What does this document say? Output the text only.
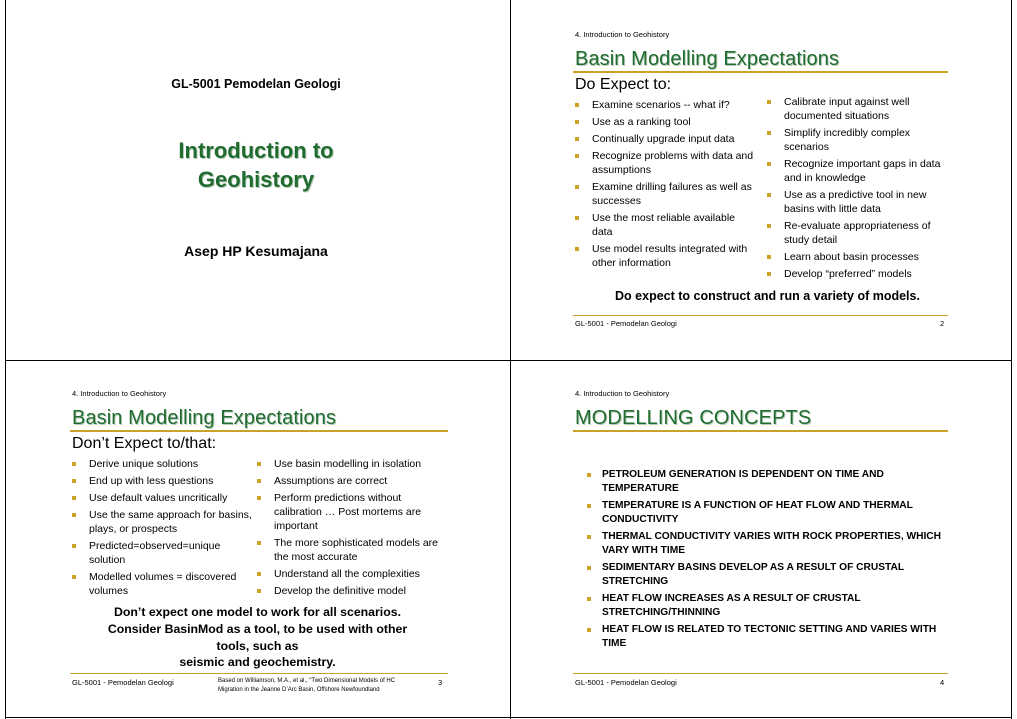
GL-5001 Pemodelan Geologi
Introduction to
Geohistory
Asep HP Kesumajana
4. Introduction to Geohistory
Basin Modelling Expectations
Do Expect to:
Examine scenarios -- what if?
Use as a ranking tool
Continually upgrade input data
Recognize problems with data and assumptions
Examine drilling failures as well as successes
Use the most reliable available data
Use model results integrated with other information
Calibrate input against well documented situations
Simplify incredibly complex scenarios
Recognize important gaps in data and in knowledge
Use as a predictive tool in new basins with little data
Re-evaluate appropriateness of study detail
Learn about basin processes
Develop “preferred” models
Do expect to construct and run a variety of models.
GL-5001 - Pemodelan Geologi	2
4. Introduction to Geohistory
Basin Modelling Expectations
Don’t Expect to/that:
Derive unique solutions
End up with less questions
Use default values uncritically
Use the same approach for basins, plays, or prospects
Predicted=observed=unique solution
Modelled volumes = discovered volumes
Use basin modelling in isolation
Assumptions are correct
Perform predictions without calibration … Post mortems are important
The more sophisticated models are the most accurate
Understand all the complexities
Develop the definitive model
Don’t expect one model to work for all scenarios.
Consider BasinMod as a tool, to be used with other
tools, such as
seismic and geochemistry.
GL-5001 - Pemodelan Geologi	Based on Williamson, M.A., et al., “Two Dimensional Models of HC
Migration in the Jeanne D’Arc Basin, Offshore Newfoundland
3
4. Introduction to Geohistory
MODELLING CONCEPTS
PETROLEUM GENERATION IS DEPENDENT ON TIME AND TEMPERATURE
TEMPERATURE IS A FUNCTION OF HEAT FLOW AND THERMAL CONDUCTIVITY
THERMAL CONDUCTIVITY VARIES WITH ROCK PROPERTIES, WHICH VARY WITH TIME
SEDIMENTARY BASINS DEVELOP AS A RESULT OF CRUSTAL STRETCHING
HEAT FLOW INCREASES AS A RESULT OF CRUSTAL STRETCHING/THINNING
HEAT FLOW IS RELATED TO TECTONIC SETTING AND VARIES WITH TIME
GL-5001 - Pemodelan Geologi	4
